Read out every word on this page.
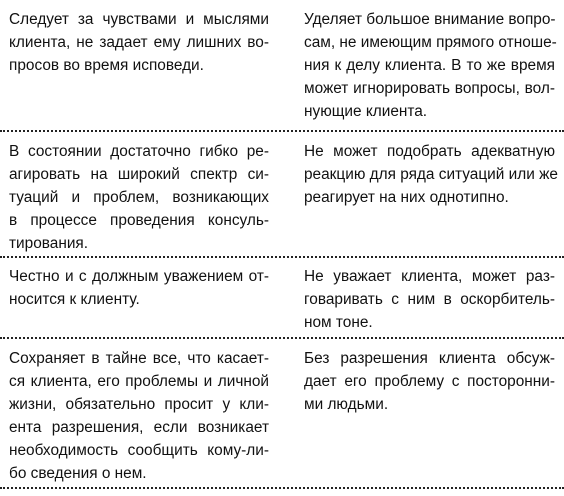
Следует за чувствами и мыслями
клиента, не задает ему лишних во-
просов во время исповеди.
Уделяет большое внимание вопро-
сам, не имеющим прямого отноше-
ния к делу клиента. В то же время
может игнорировать вопросы, вол-
нующие клиента.
В состоянии достаточно гибко ре-
агировать на широкий спектр си-
туаций и проблем, возникающих
в процессе проведения консуль-
тирования.
Не может подобрать адекватную
реакцию для ряда ситуаций или же
реагирует на них однотипно.
Честно и с должным уважением от-
носится к клиенту.
Не уважает клиента, может раз-
говаривать с ним в оскорбитель-
ном тоне.
Сохраняет в тайне все, что касает-
ся клиента, его проблемы и личной
жизни, обязательно просит у кли-
ента разрешения, если возникает
необходимость сообщить кому-ли-
бо сведения о нем.
Без разрешения клиента обсуж-
дает его проблему с посторонни-
ми людьми.
